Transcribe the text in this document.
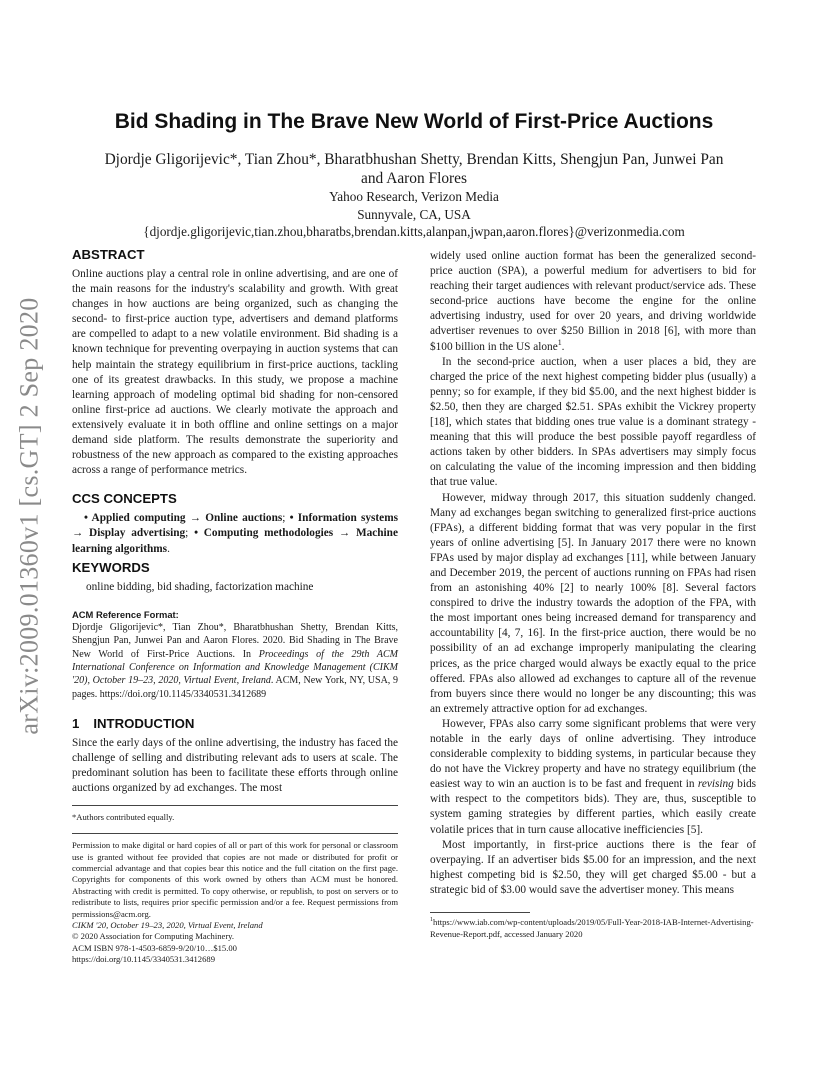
arXiv:2009.01360v1 [cs.GT] 2 Sep 2020
Bid Shading in The Brave New World of First-Price Auctions
Djordje Gligorijevic*, Tian Zhou*, Bharatbhushan Shetty, Brendan Kitts, Shengjun Pan, Junwei Pan
and Aaron Flores
Yahoo Research, Verizon Media
Sunnyvale, CA, USA
{djordje.gligorijevic,tian.zhou,bharatbs,brendan.kitts,alanpan,jwpan,aaron.flores}@verizonmedia.com
ABSTRACT

Online auctions play a central role in online advertising, and are one of the main reasons for the industry's scalability and growth. With great changes in how auctions are being organized, such as changing the second- to first-price auction type, advertisers and demand platforms are compelled to adapt to a new volatile environment. Bid shading is a known technique for preventing overpaying in auction systems that can help maintain the strategy equilibrium in first-price auctions, tackling one of its greatest drawbacks. In this study, we propose a machine learning approach of modeling optimal bid shading for non-censored online first-price ad auctions. We clearly motivate the approach and extensively evaluate it in both offline and online settings on a major demand side platform. The results demonstrate the superiority and robustness of the new approach as compared to the existing approaches across a range of performance metrics.

CCS CONCEPTS

• Applied computing → Online auctions; • Information systems → Display advertising; • Computing methodologies → Machine learning algorithms.

KEYWORDS

online bidding, bid shading, factorization machine

ACM Reference Format:

Djordje Gligorijevic*, Tian Zhou*, Bharatbhushan Shetty, Brendan Kitts, Shengjun Pan, Junwei Pan and Aaron Flores. 2020. Bid Shading in The Brave New World of First-Price Auctions. In Proceedings of the 29th ACM International Conference on Information and Knowledge Management (CIKM '20), October 19–23, 2020, Virtual Event, Ireland. ACM, New York, NY, USA, 9 pages. https://doi.org/10.1145/3340531.3412689

1 INTRODUCTION

Since the early days of the online advertising, the industry has faced the challenge of selling and distributing relevant ads to users at scale. The predominant solution has been to facilitate these efforts through online auctions organized by ad exchanges. The most

*Authors contributed equally.

Permission to make digital or hard copies of all or part of this work for personal or classroom use is granted without fee provided that copies are not made or distributed for profit or commercial advantage and that copies bear this notice and the full citation on the first page. Copyrights for components of this work owned by others than ACM must be honored. Abstracting with credit is permitted. To copy otherwise, or republish, to post on servers or to redistribute to lists, requires prior specific permission and/or a fee. Request permissions from permissions@acm.org.

CIKM '20, October 19–23, 2020, Virtual Event, Ireland

© 2020 Association for Computing Machinery.

ACM ISBN 978-1-4503-6859-9/20/10…$15.00

https://doi.org/10.1145/3340531.3412689

widely used online auction format has been the generalized second-price auction (SPA), a powerful medium for advertisers to bid for reaching their target audiences with relevant product/service ads. These second-price auctions have become the engine for the online advertising industry, used for over 20 years, and driving worldwide advertiser revenues to over $250 Billion in 2018 [6], with more than $100 billion in the US alone$^1$.

In the second-price auction, when a user places a bid, they are charged the price of the next highest competing bidder plus (usually) a penny; so for example, if they bid $5.00, and the next highest bidder is $2.50, then they are charged $2.51. SPAs exhibit the Vickrey property [18], which states that bidding ones true value is a dominant strategy - meaning that this will produce the best possible payoff regardless of actions taken by other bidders. In SPAs advertisers may simply focus on calculating the value of the incoming impression and then bidding that true value.

However, midway through 2017, this situation suddenly changed. Many ad exchanges began switching to generalized first-price auctions (FPAs), a different bidding format that was very popular in the first years of online advertising [5]. In January 2017 there were no known FPAs used by major display ad exchanges [11], while between January and December 2019, the percent of auctions running on FPAs had risen from an astonishing 40% [2] to nearly 100% [8]. Several factors conspired to drive the industry towards the adoption of the FPA, with the most important ones being increased demand for transparency and accountability [4, 7, 16]. In the first-price auction, there would be no possibility of an ad exchange improperly manipulating the clearing prices, as the price charged would always be exactly equal to the price offered. FPAs also allowed ad exchanges to capture all of the revenue from buyers since there would no longer be any discounting; this was an extremely attractive option for ad exchanges.

However, FPAs also carry some significant problems that were very notable in the early days of online advertising. They introduce considerable complexity to bidding systems, in particular because they do not have the Vickrey property and have no strategy equilibrium (the easiest way to win an auction is to be fast and frequent in revising bids with respect to the competitors bids). They are, thus, susceptible to system gaming strategies by different parties, which easily create volatile prices that in turn cause allocative inefficiencies [5].

Most importantly, in first-price auctions there is the fear of overpaying. If an advertiser bids $5.00 for an impression, and the next highest competing bid is $2.50, they will get charged $5.00 - but a strategic bid of $3.00 would save the advertiser money. This means

$^1$https://www.iab.com/wp-content/uploads/2019/05/Full-Year-2018-IAB-Internet-Advertising-Revenue-Report.pdf, accessed January 2020
